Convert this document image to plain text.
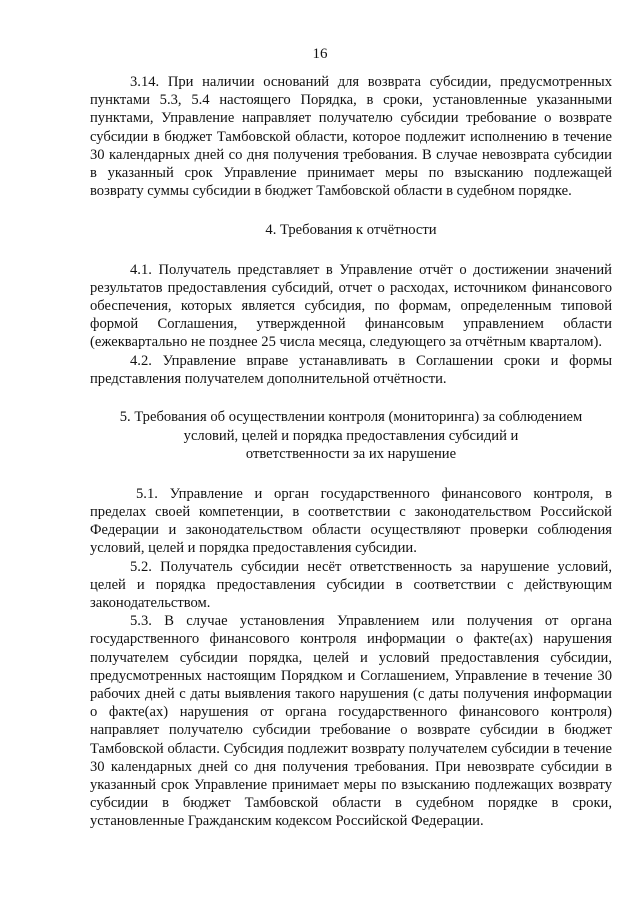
16

3.14. При наличии оснований для возврата субсидии, предусмотренных пунктами 5.3, 5.4 настоящего Порядка, в сроки, установленные указанными пунктами, Управление направляет получателю субсидии требование о возврате субсидии в бюджет Тамбовской области, которое подлежит исполнению в течение 30 календарных дней со дня получения требования. В случае невозврата субсидии в указанный срок Управление принимает меры по взысканию подлежащей возврату суммы субсидии в бюджет Тамбовской области в судебном порядке.

4. Требования к отчётности

4.1. Получатель представляет в Управление отчёт о достижении значений результатов предоставления субсидий, отчет о расходах, источником финансового обеспечения, которых является субсидия, по формам, определенным типовой формой Соглашения, утвержденной финансовым управлением области (ежеквартально не позднее 25 числа месяца, следующего за отчётным кварталом).

4.2. Управление вправе устанавливать в Соглашении сроки и формы представления получателем дополнительной отчётности.

5. Требования об осуществлении контроля (мониторинга) за соблюдением
условий, целей и порядка предоставления субсидий и
ответственности за их нарушение

5.1. Управление и орган государственного финансового контроля, в пределах своей компетенции, в соответствии с законодательством Российской Федерации и законодательством области осуществляют проверки соблюдения условий, целей и порядка предоставления субсидии.

5.2. Получатель субсидии несёт ответственность за нарушение условий, целей и порядка предоставления субсидии в соответствии с действующим законодательством.

5.3. В случае установления Управлением или получения от органа государственного финансового контроля информации о факте(ах) нарушения получателем субсидии порядка, целей и условий предоставления субсидии, предусмотренных настоящим Порядком и Соглашением, Управление в течение 30 рабочих дней с даты выявления такого нарушения (с даты получения информации о факте(ах) нарушения от органа государственного финансового контроля) направляет получателю субсидии требование о возврате субсидии в бюджет Тамбовской области. Субсидия подлежит возврату получателем субсидии в течение 30 календарных дней со дня получения требования. При невозврате субсидии в указанный срок Управление принимает меры по взысканию подлежащих возврату субсидии в бюджет Тамбовской области в судебном порядке в сроки, установленные Гражданским кодексом Российской Федерации.
